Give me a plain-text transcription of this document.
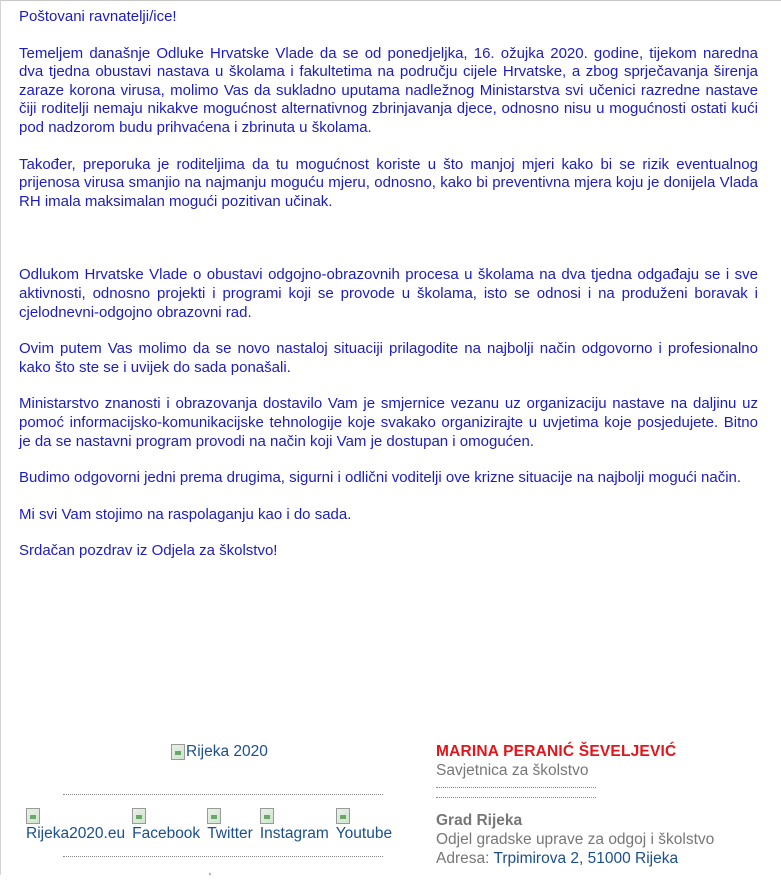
Poštovani ravnatelji/ice!

Temeljem današnje Odluke Hrvatske Vlade da se od ponedjeljka, 16. ožujka 2020. godine, tijekom naredna dva tjedna obustavi nastava u školama i fakultetima na području cijele Hrvatske, a zbog sprječavanja širenja zaraze korona virusa, molimo Vas da sukladno uputama nadležnog Ministarstva svi učenici razredne nastave čiji roditelji nemaju nikakve mogućnost alternativnog zbrinjavanja djece, odnosno nisu u mogućnosti ostati kući pod nadzorom budu prihvaćena i zbrinuta u školama.

Također, preporuka je roditeljima da tu mogućnost koriste u što manjoj mjeri kako bi se rizik eventualnog prijenosa virusa smanjio na najmanju moguću mjeru, odnosno, kako bi preventivna mjera koju je donijela Vlada RH imala maksimalan mogući pozitivan učinak.

Odlukom Hrvatske Vlade o obustavi odgojno-obrazovnih procesa u školama na dva tjedna odgađaju se i sve aktivnosti, odnosno projekti i programi koji se provode u školama, isto se odnosi i na produženi boravak i cjelodnevni-odgojno obrazovni rad.

Ovim putem Vas molimo da se novo nastaloj situaciji prilagodite na najbolji način odgovorno i profesionalno kako što ste se i uvijek do sada ponašali.

Ministarstvo znanosti i obrazovanja dostavilo Vam je smjernice vezanu uz organizaciju nastave na daljinu uz pomoć informacijsko-komunikacijske tehnologije koje svakako organizirajte u uvjetima koje posjedujete. Bitno je da se nastavni program provodi na način koji Vam je dostupan i omogućen.

Budimo odgovorni jedni prema drugima, sigurni i odlični voditelji ove krizne situacije na najbolji mogući način.

Mi svi Vam stojimo na raspolaganju kao i do sada.

Srdačan pozdrav iz Odjela za školstvo!

Rijeka 2020
Rijeka2020.eu Facebook Twitter Instagram Youtube
'
MARINA PERANIĆ ŠEVELJEVIĆ
Savjetnica za školstvo
Grad Rijeka
Odjel gradske uprave za odgoj i školstvo
Adresa: Trpimirova 2, 51000 Rijeka
